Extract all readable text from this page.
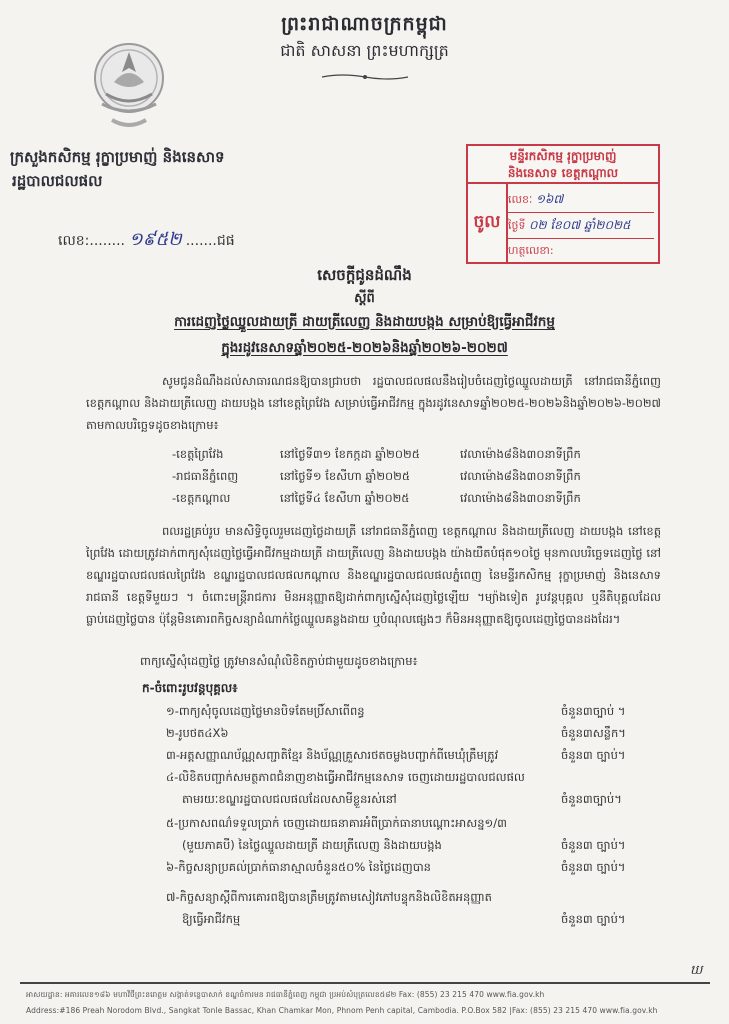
ព្រះរាជាណាចក្រកម្ពុជា
ជាតិ សាសនា ព្រះមហាក្សត្រ
ក្រសួងកសិកម្ម រុក្ខាប្រមាញ់ និងនេសាទ
រដ្ឋបាលជលផល
លេខ:........ ១៩៥២ .......ជផ
មន្ទីរកសិកម្ម រុក្ខាប្រមាញ់
និងនេសាទ ខេត្តកណ្ដាល
ចូល
លេខៈ ១៦៧
ថ្ងៃទី ០២ ខែ០៧ ឆ្នាំ២០២៥
ហត្ថលេខា:
សេចក្ដីជូនដំណឹង
ស្ដីពី
ការដេញថ្លៃឈ្នួលដាយត្រី ដាយត្រីលេញ និងដាយបង្កង សម្រាប់ឱ្យធ្វើអាជីវកម្ម
ក្នុងរដូវនេសាទឆ្នាំ២០២៥-២០២៦និងឆ្នាំ២០២៦-២០២៧
សូមជូនដំណឹងដល់សាធារណជនឱ្យបានជ្រាបថា រដ្ឋបាលជលផលនឹងរៀបចំដេញថ្លៃឈ្នួលដាយត្រី នៅរាជធានីភ្នំពេញ ខេត្តកណ្ដាល និងដាយត្រីលេញ ដាយបង្កង នៅខេត្តព្រៃវែង សម្រាប់ធ្វើអាជីវកម្ម ក្នុងរដូវនេសាទឆ្នាំ២០២៥-២០២៦និងឆ្នាំ២០២៦-២០២៧ តាមកាលបរិច្ឆេទដូចខាងក្រោម៖
-ខេត្តព្រៃវែង	នៅថ្ងៃទី៣១ ខែកក្កដា ឆ្នាំ២០២៥	វេលាម៉ោង៨និង៣០នាទីព្រឹក
-រាជធានីភ្នំពេញ	នៅថ្ងៃទី១ ខែសីហា ឆ្នាំ២០២៥	វេលាម៉ោង៨និង៣០នាទីព្រឹក
-ខេត្តកណ្ដាល	នៅថ្ងៃទី៤ ខែសីហា ឆ្នាំ២០២៥	វេលាម៉ោង៨និង៣០នាទីព្រឹក
ពលរដ្ឋគ្រប់រូប មានសិទ្ធិចូលរួមដេញថ្លៃដាយត្រី នៅរាជធានីភ្នំពេញ ខេត្តកណ្ដាល និងដាយត្រីលេញ ដាយបង្កង នៅខេត្តព្រៃវែង ដោយត្រូវដាក់ពាក្យសុំដេញថ្លៃធ្វើអាជីវកម្មដាយត្រី ដាយត្រីលេញ និងដាយបង្កង យ៉ាងយឺតបំផុត១០ថ្ងៃ មុនកាលបរិច្ឆេទដេញថ្លៃ នៅខណ្ឌរដ្ឋបាលជលផលព្រៃវែង ខណ្ឌរដ្ឋបាលជលផលកណ្ដាល និងខណ្ឌរដ្ឋបាលជលផលភ្នំពេញ នៃមន្ទីរកសិកម្ម រុក្ខាប្រមាញ់ និងនេសាទរាជធានី ខេត្តទីមួយៗ ។ ចំពោះមន្ត្រីរាជការ មិនអនុញ្ញាតឱ្យដាក់ពាក្យស្នើសុំដេញថ្លៃឡើយ ។ម្យ៉ាងទៀត រូបវន្តបុគ្គល ឬនីតិបុគ្គលដែលធ្លាប់ដេញថ្លៃបាន ប៉ុន្តែមិនគោរពកិច្ចសន្យាដំណាក់ថ្លៃឈ្នួលគន្លងដាយ ឬបំណុលផ្សេងៗ ក៏មិនអនុញ្ញាតឱ្យចូលដេញថ្លៃបានដងដែរ។
ពាក្យស្នើសុំដេញថ្លៃ ត្រូវមានសំណុំលិខិតភ្ជាប់ជាមួយដូចខាងក្រោម៖
ក-ចំពោះរូបវន្តបុគ្គល៖
១-ពាក្យសុំចូលដេញថ្លៃមានបិទតែមប្រិ៍សាពើពន្ធ	ចំនួន៣ច្បាប់ ។
២-រូបថត៤X៦	ចំនួន៣សន្លឹក។
៣-អត្តសញ្ញាណប័ណ្ណសញ្ជាតិខ្មែរ និងប័ណ្ណគ្រួសារថតចម្លងបញ្ជាក់ពីមេឃុំត្រឹមត្រូវ	ចំនួន៣ ច្បាប់។
៤-លិខិតបញ្ជាក់សមត្ថភាពជំនាញខាងធ្វើអាជីវកម្មនេសាទ ចេញដោយរដ្ឋបាលជលផល
តាមរយៈខណ្ឌរដ្ឋបាលជលផលដែលសាមីខ្លួនរស់នៅ	ចំនួន៣ច្បាប់។
៥-ប្រកាសពណ៌ទទួលប្រាក់ ចេញដោយធនាគារអំពីប្រាក់ធានាបណ្ដោះអាសន្ន១/៣
(មួយភាគបី) នៃថ្លៃឈ្នួលដាយត្រី ដាយត្រីលេញ និងដាយបង្កង	ចំនួន៣ ច្បាប់។
៦-កិច្ចសន្យាប្រគល់ប្រាក់ធានាស្មាលចំនួន៥០% នៃថ្លៃដេញបាន	ចំនួន៣ ច្បាប់។
៧-កិច្ចសន្យាស្ដីពីការគោរពឱ្យបានត្រឹមត្រូវតាមសៀវភៅបន្ទុកនិងលិខិតអនុញ្ញាត
ឱ្យធ្វើអាជីវកម្ម	ចំនួន៣ ច្បាប់។
ឃ
អាសយដ្ឋាន: អគារលេខ១៨៦ មហាវិថីព្រះនរោត្តម សង្កាត់ទន្លេបាសាក់ ខណ្ឌចំការមន រាជធានីភ្នំពេញ កម្ពុជា ប្រអប់សំបុត្រលេខ៥៨២ Fax: (855) 23 215 470 www.fia.gov.kh
Address:#186 Preah Norodom Blvd., Sangkat Tonle Bassac, Khan Chamkar Mon, Phnom Penh capital, Cambodia. P.O.Box 582 |Fax: (855) 23 215 470 www.fia.gov.kh
